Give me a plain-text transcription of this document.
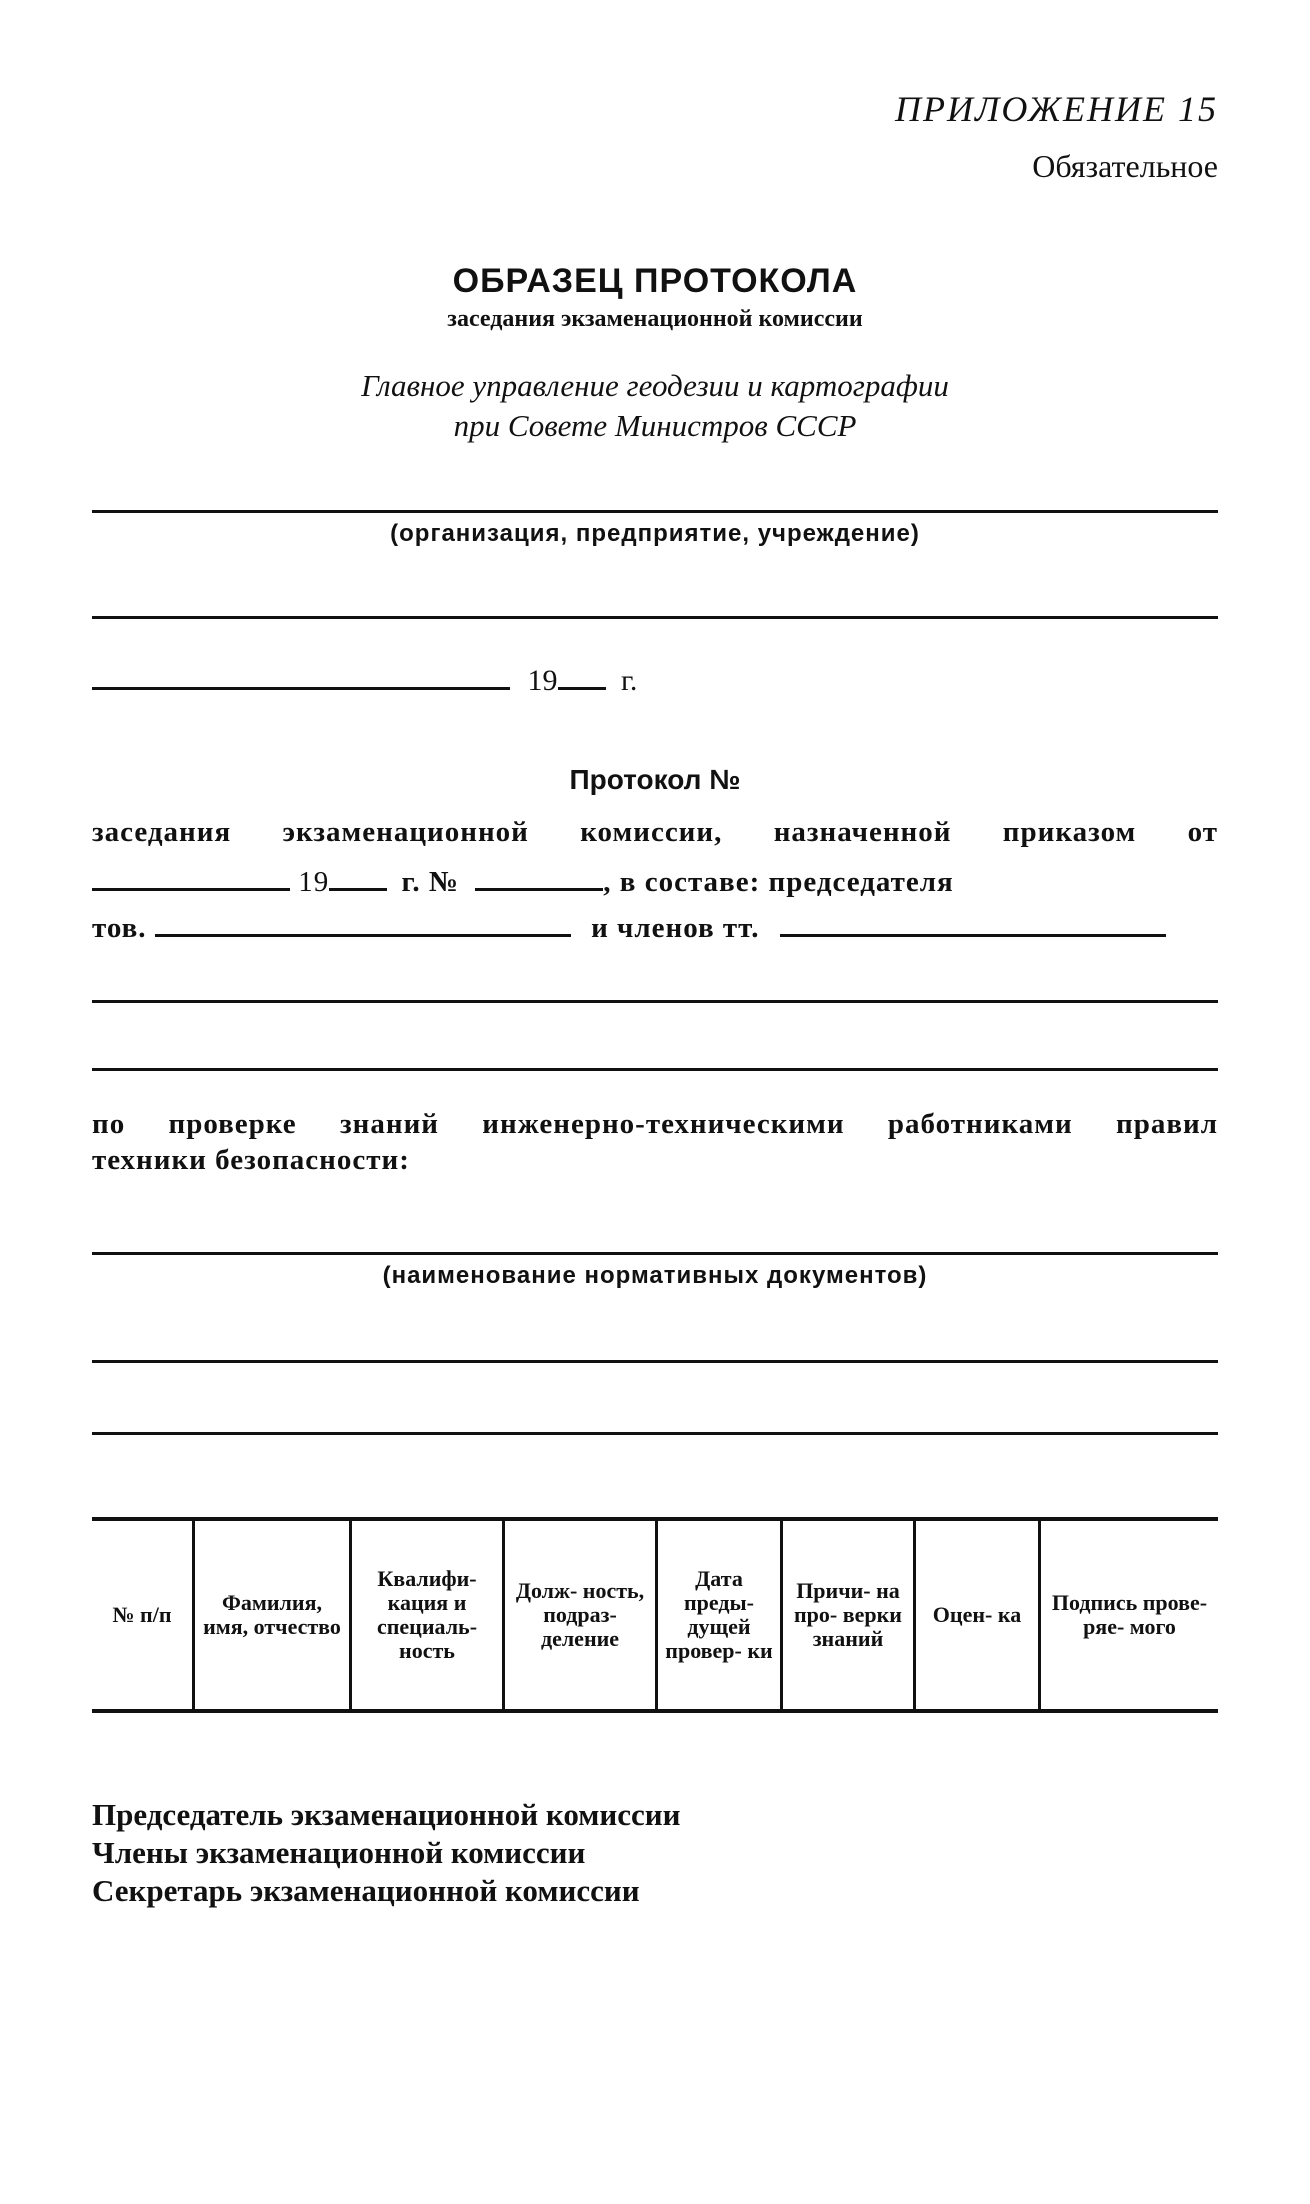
ПРИЛОЖЕНИЕ 15
Обязательное
ОБРАЗЕЦ ПРОТОКОЛА
заседания экзаменационной комиссии
Главное управление геодезии и картографии
при Совете Министров СССР
(организация, предприятие, учреждение)
19 г.
Протокол №
заседания экзаменационной комиссии, назначенной приказом от
19 г. №	, в составе: председателя
тов.	и членов тт.
по проверке знаний инженерно-техническими работниками правил
техники безопасности:
(наименование нормативных документов)
№ п/п	Фамилия, имя, отчество	Квалифи- кация и специаль- ность	Долж- ность, подраз- деление	Дата преды- дущей провер- ки	Причи- на про- верки знаний	Оцен- ка	Подпись прове- ряе- мого
Председатель экзаменационной комиссии
Члены экзаменационной комиссии
Секретарь экзаменационной комиссии
